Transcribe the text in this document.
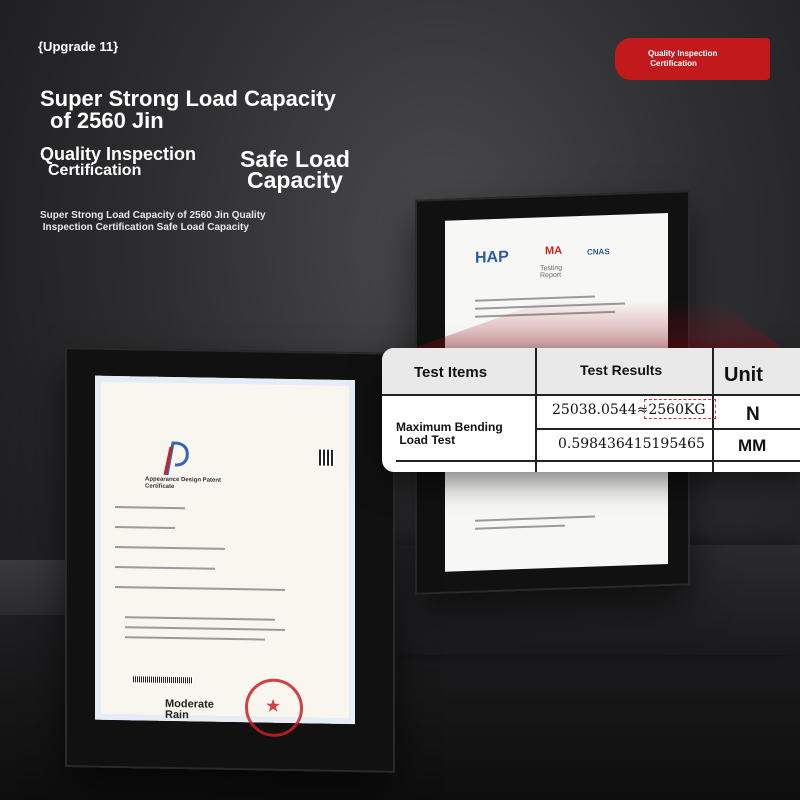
HAP	MA	CNAS
Testing
Report
Appearance Design Patent
Certificate
Moderate
Rain
★
Test Items	Test Results	Unit
Maximum Bending
Load Test
25038.0544≈2560KG N
0.598436415195465 MM

{Upgrade 11}

Super Strong Load Capacity

of 2560 Jin

Quality Inspection

Certification	Safe Load

Capacity

Super Strong Load Capacity of 2560 Jin Quality
Inspection Certification Safe Load Capacity
Quality Inspection
Certification
